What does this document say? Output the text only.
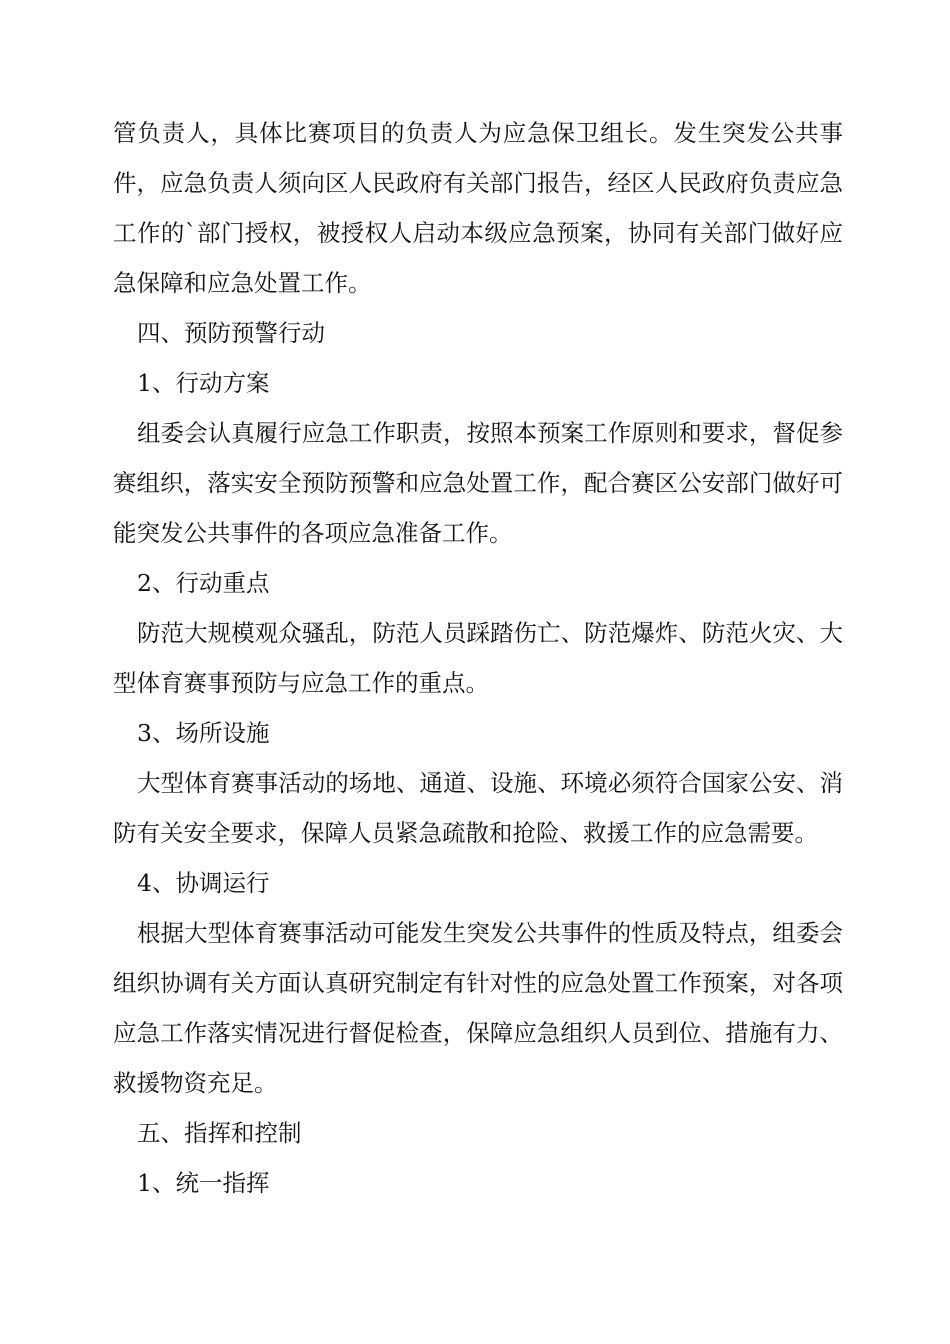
管负责人，具体比赛项目的负责人为应急保卫组长。发生突发公共事件，应急负责人须向区人民政府有关部门报告，经区人民政府负责应急工作的`部门授权，被授权人启动本级应急预案，协同有关部门做好应急保障和应急处置工作。

四、预防预警行动

1、行动方案

组委会认真履行应急工作职责，按照本预案工作原则和要求，督促参赛组织，落实安全预防预警和应急处置工作，配合赛区公安部门做好可能突发公共事件的各项应急准备工作。

2、行动重点

防范大规模观众骚乱，防范人员踩踏伤亡、防范爆炸、防范火灾、大型体育赛事预防与应急工作的重点。

3、场所设施

大型体育赛事活动的场地、通道、设施、环境必须符合国家公安、消防有关安全要求，保障人员紧急疏散和抢险、救援工作的应急需要。

4、协调运行

根据大型体育赛事活动可能发生突发公共事件的性质及特点，组委会组织协调有关方面认真研究制定有针对性的应急处置工作预案，对各项应急工作落实情况进行督促检查，保障应急组织人员到位、措施有力、救援物资充足。

五、指挥和控制

1、统一指挥
